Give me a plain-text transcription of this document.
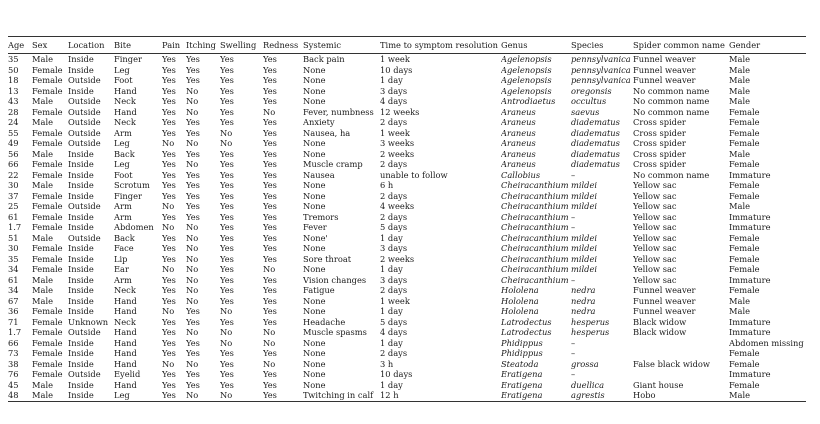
Age	Sex	Location	Bite	Pain	Itching	Swelling	Redness	Systemic	Time to symptom resolution	Genus	Species	Spider common name	Gender
35	Male	Inside	Finger	Yes	Yes	Yes	Yes	Back pain	1 week	Agelenopsis	pennsylvanica	Funnel weaver	Male
50	Female	Inside	Leg	Yes	Yes	Yes	Yes	None	10 days	Agelenopsis	pennsylvanica	Funnel weaver	Male
18	Female	Outside	Foot	Yes	Yes	Yes	Yes	None	1 day	Agelenopsis	pennsylvanica	Funnel weaver	Male
13	Female	Inside	Hand	Yes	No	Yes	Yes	None	3 days	Agelenopsis	oregonsis	No common name	Male
43	Male	Outside	Neck	Yes	No	Yes	Yes	None	4 days	Antrodiaetus	occultus	No common name	Male
28	Female	Outside	Hand	Yes	No	Yes	No	Fever, numbness	12 weeks	Araneus	saevus	No common name	Female
24	Male	Outside	Neck	Yes	Yes	Yes	Yes	Anxiety	2 days	Araneus	diadematus	Cross spider	Female
55	Female	Outside	Arm	Yes	Yes	No	Yes	Nausea, ha	1 week	Araneus	diadematus	Cross spider	Female
49	Female	Outside	Leg	No	No	No	Yes	None	3 weeks	Araneus	diadematus	Cross spider	Female
56	Male	Inside	Back	Yes	Yes	Yes	Yes	None	2 weeks	Araneus	diadematus	Cross spider	Male
66	Female	Inside	Leg	Yes	No	Yes	Yes	Muscle cramp	2 days	Araneus	diadematus	Cross spider	Female
22	Female	Inside	Foot	Yes	Yes	Yes	Yes	Nausea	unable to follow	Callobius	–	No common name	Immature
30	Male	Inside	Scrotum	Yes	Yes	Yes	Yes	None	6 h	Cheiracanthium	mildei	Yellow sac	Female
37	Female	Inside	Finger	Yes	Yes	Yes	Yes	None	2 days	Cheiracanthium	mildei	Yellow sac	Female
25	Female	Outside	Arm	No	Yes	Yes	Yes	None	4 weeks	Cheiracanthium	mildei	Yellow sac	Male
61	Female	Inside	Arm	Yes	Yes	Yes	Yes	Tremors	2 days	Cheiracanthium	–	Yellow sac	Immature
1.7	Female	Inside	Abdomen	No	No	Yes	Yes	Fever	5 days	Cheiracanthium	–	Yellow sac	Immature
51	Male	Outside	Back	Yes	No	Yes	Yes	None'	1 day	Cheiracanthium	mildei	Yellow sac	Female
30	Female	Inside	Face	Yes	No	Yes	Yes	None	3 days	Cheiracanthium	mildei	Yellow sac	Female
35	Female	Inside	Lip	Yes	No	Yes	Yes	Sore throat	2 weeks	Cheiracanthium	mildei	Yellow sac	Female
34	Female	Inside	Ear	No	No	Yes	No	None	1 day	Cheiracanthium	mildei	Yellow sac	Female
61	Male	Inside	Arm	Yes	No	Yes	Yes	Vision changes	3 days	Cheiracanthium	–	Yellow sac	Immature
34	Male	Inside	Neck	Yes	No	Yes	Yes	Fatigue	2 days	Hololena	nedra	Funnel weaver	Female
67	Male	Inside	Hand	Yes	No	Yes	Yes	None	1 week	Hololena	nedra	Funnel weaver	Male
36	Female	Inside	Hand	No	Yes	No	Yes	None	1 day	Hololena	nedra	Funnel weaver	Male
71	Female	Unknown	Neck	Yes	Yes	Yes	Yes	Headache	5 days	Latrodectus	hesperus	Black widow	Immature
1.7	Female	Outside	Hand	Yes	No	No	No	Muscle spasms	4 days	Latrodectus	hesperus	Black widow	Immature
66	Female	Inside	Hand	Yes	Yes	No	No	None	1 day	Phidippus	–		Abdomen missing
73	Female	Inside	Hand	Yes	Yes	Yes	Yes	None	2 days	Phidippus	–		Female
38	Female	Inside	Hand	No	No	Yes	No	None	3 h	Steatoda	grossa	False black widow	Female
76	Female	Outside	Eyelid	Yes	Yes	Yes	Yes	None	10 days	Eratigena	–		Immature
45	Male	Inside	Hand	Yes	Yes	Yes	Yes	None	1 day	Eratigena	duellica	Giant house	Female
48	Male	Inside	Leg	Yes	No	No	Yes	Twitching in calf	12 h	Eratigena	agrestis	Hobo	Male
